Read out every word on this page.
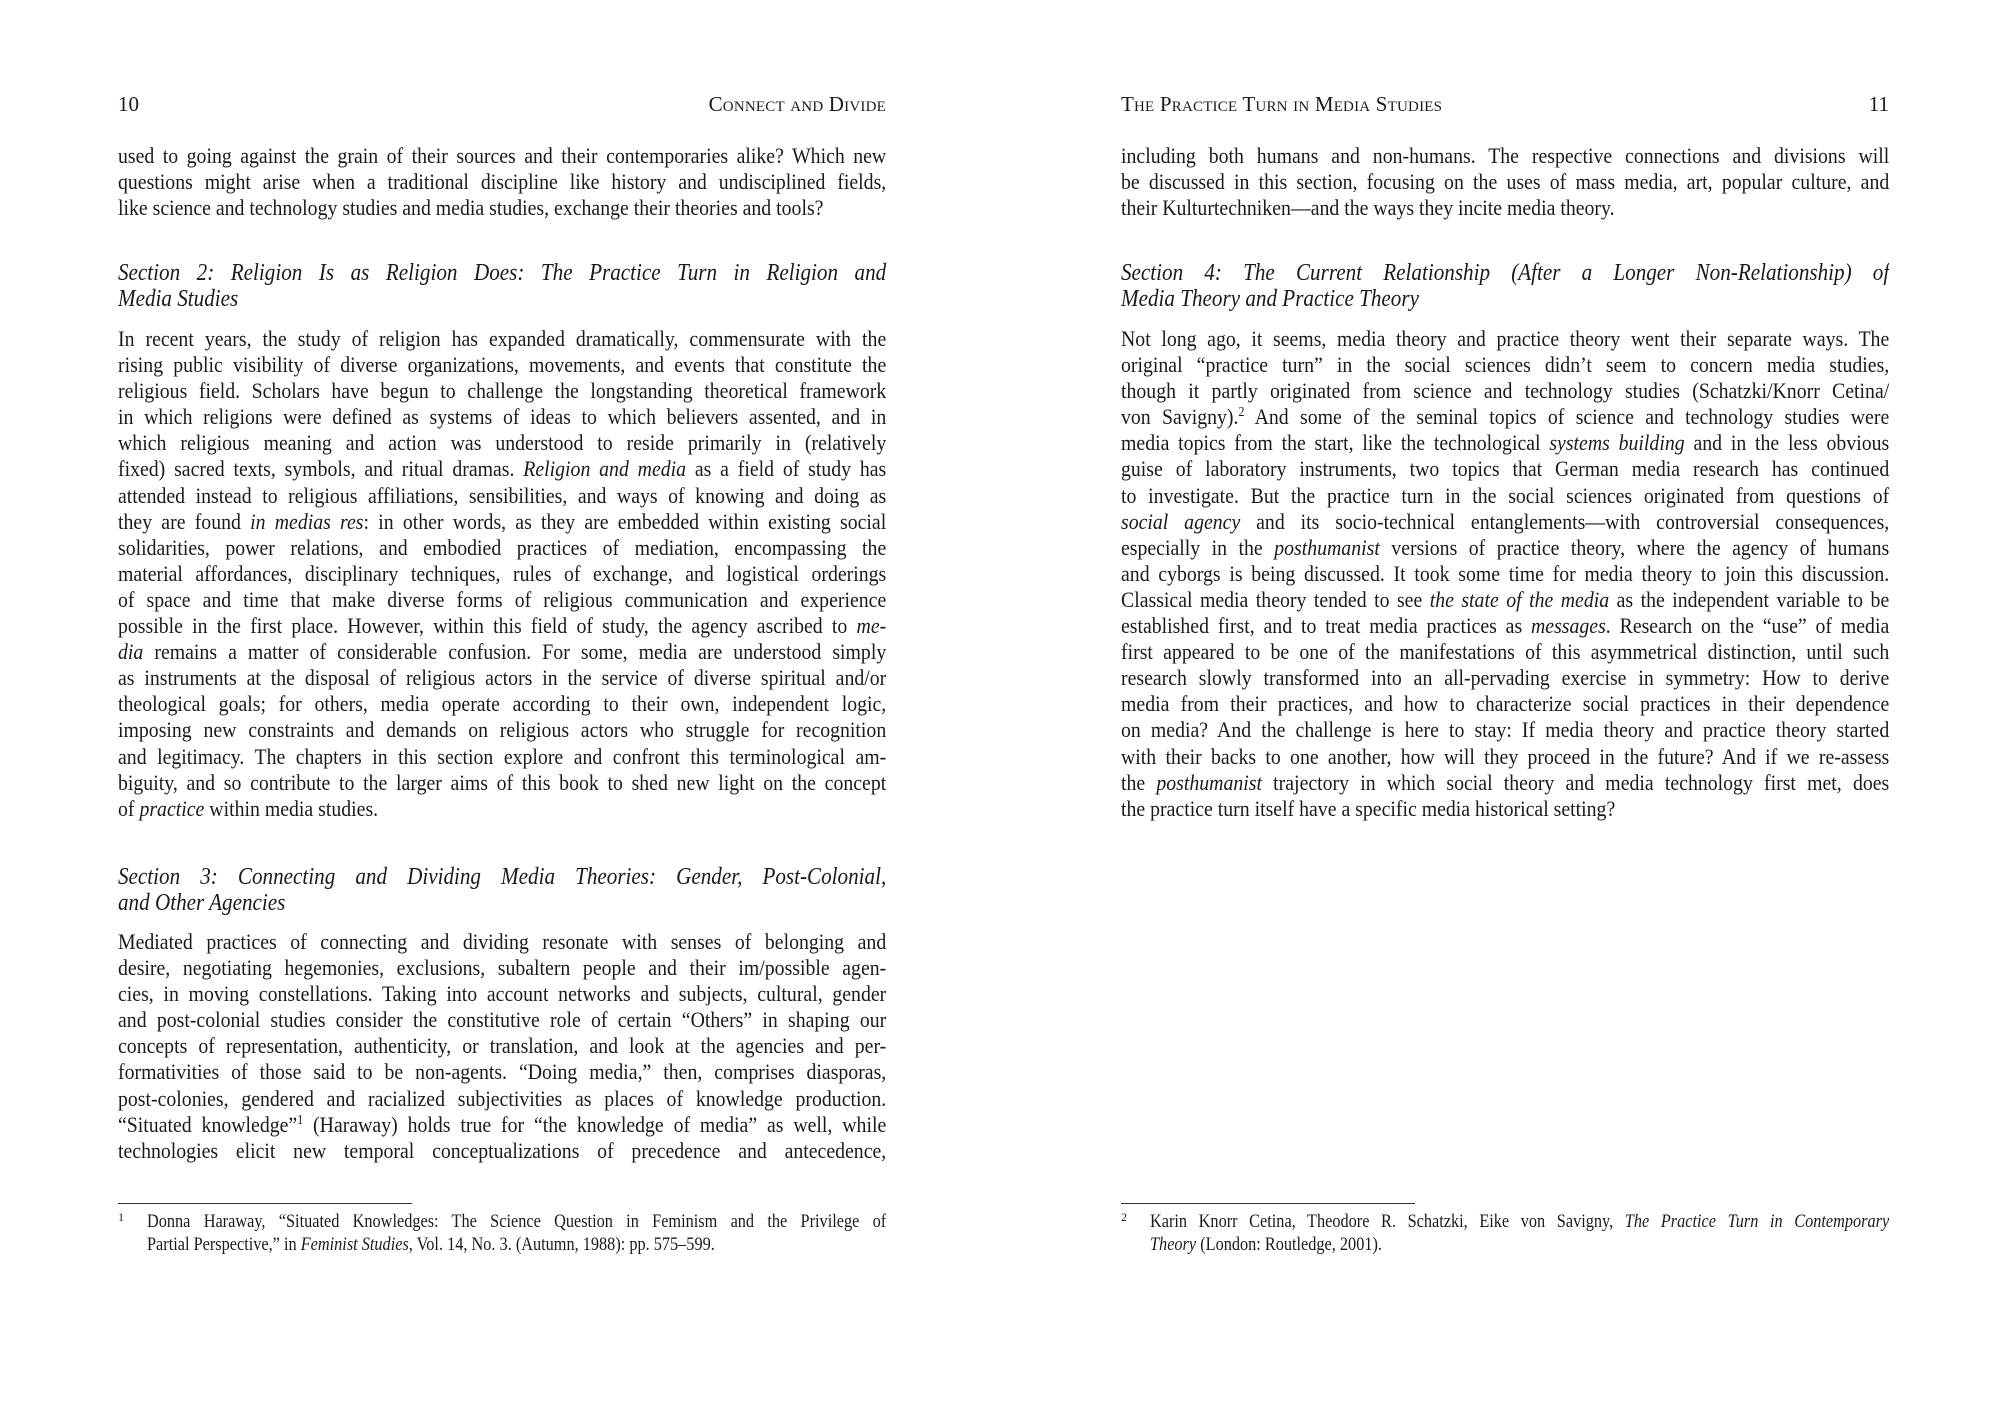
10	Connect and Divide
used to going against the grain of their sources and their contemporaries alike? Which new
questions might arise when a traditional discipline like history and undisciplined fields,
like science and technology studies and media studies, exchange their theories and tools?
Section 2: Religion Is as Religion Does: The Practice Turn in Religion and
Media Studies
In recent years, the study of religion has expanded dramatically, commensurate with the
rising public visibility of diverse organizations, movements, and events that constitute the
religious field. Scholars have begun to challenge the longstanding theoretical framework
in which religions were defined as systems of ideas to which believers assented, and in
which religious meaning and action was understood to reside primarily in (relatively
fixed) sacred texts, symbols, and ritual dramas. Religion and media as a field of study has
attended instead to religious affiliations, sensibilities, and ways of knowing and doing as
they are found in medias res: in other words, as they are embedded within existing social
solidarities, power relations, and embodied practices of mediation, encompassing the
material affordances, disciplinary techniques, rules of exchange, and logistical orderings
of space and time that make diverse forms of religious communication and experience
possible in the first place. However, within this field of study, the agency ascribed to me-
dia remains a matter of considerable confusion. For some, media are understood simply
as instruments at the disposal of religious actors in the service of diverse spiritual and/or
theological goals; for others, media operate according to their own, independent logic,
imposing new constraints and demands on religious actors who struggle for recognition
and legitimacy. The chapters in this section explore and confront this terminological am-
biguity, and so contribute to the larger aims of this book to shed new light on the concept
of practice within media studies.
Section 3: Connecting and Dividing Media Theories: Gender, Post-Colonial,
and Other Agencies
Mediated practices of connecting and dividing resonate with senses of belonging and
desire, negotiating hegemonies, exclusions, subaltern people and their im/possible agen-
cies, in moving constellations. Taking into account networks and subjects, cultural, gender
and post-colonial studies consider the constitutive role of certain “Others” in shaping our
concepts of representation, authenticity, or translation, and look at the agencies and per-
formativities of those said to be non-agents. “Doing media,” then, comprises diasporas,
post-colonies, gendered and racialized subjectivities as places of knowledge production.
“Situated knowledge”$^1$ (Haraway) holds true for “the knowledge of media” as well, while
technologies elicit new temporal conceptualizations of precedence and antecedence,
1 Donna Haraway, “Situated Knowledges: The Science Question in Feminism and the Privilege of
Partial Perspective,” in Feminist Studies, Vol. 14, No. 3. (Autumn, 1988): pp. 575–599.
The Practice Turn in Media Studies	11
including both humans and non-humans. The respective connections and divisions will
be discussed in this section, focusing on the uses of mass media, art, popular culture, and
their Kulturtechniken—and the ways they incite media theory.
Section 4: The Current Relationship (After a Longer Non-Relationship) of
Media Theory and Practice Theory
Not long ago, it seems, media theory and practice theory went their separate ways. The
original “practice turn” in the social sciences didn’t seem to concern media studies,
though it partly originated from science and technology studies (Schatzki/Knorr Cetina/
von Savigny).$^2$ And some of the seminal topics of science and technology studies were
media topics from the start, like the technological systems building and in the less obvious
guise of laboratory instruments, two topics that German media research has continued
to investigate. But the practice turn in the social sciences originated from questions of
social agency and its socio-technical entanglements—with controversial consequences,
especially in the posthumanist versions of practice theory, where the agency of humans
and cyborgs is being discussed. It took some time for media theory to join this discussion.
Classical media theory tended to see the state of the media as the independent variable to be
established first, and to treat media practices as messages. Research on the “use” of media
first appeared to be one of the manifestations of this asymmetrical distinction, until such
research slowly transformed into an all-pervading exercise in symmetry: How to derive
media from their practices, and how to characterize social practices in their dependence
on media? And the challenge is here to stay: If media theory and practice theory started
with their backs to one another, how will they proceed in the future? And if we re-assess
the posthumanist trajectory in which social theory and media technology first met, does
the practice turn itself have a specific media historical setting?
2 Karin Knorr Cetina, Theodore R. Schatzki, Eike von Savigny, The Practice Turn in Contemporary
Theory (London: Routledge, 2001).
